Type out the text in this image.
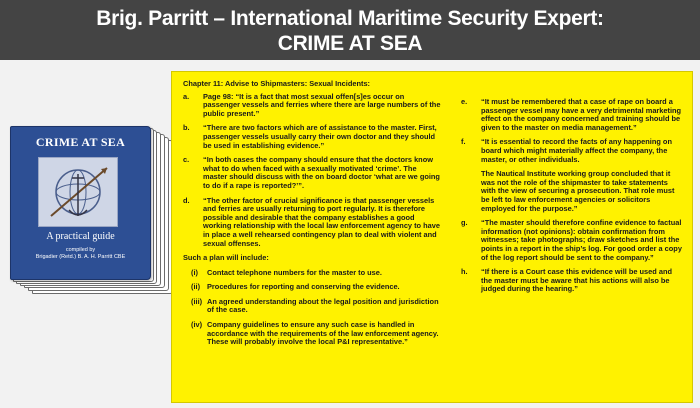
Brig. Parritt – International Maritime Security Expert:
CRIME AT SEA
CRIME AT SEA
A practical guide
compiled by
Brigadier (Retd.) B. A. H. Parritt CBE
Chapter 11: Advise to Shipmasters: Sexual Incidents:
a. Page 98: “It is a fact that most sexual offen[s]es occur on passenger vessels and ferries where there are large numbers of the public present.”
b. “There are two factors which are of assistance to the master. First, passenger vessels usually carry their own doctor and they should be used in establishing evidence.”
c. “In both cases the company should ensure that the doctors know what to do when faced with a sexually motivated ‘crime’. The master should discuss with the on board doctor ‘what are we going to do if a rape is reported?’”.
d. “The other factor of crucial significance is that passenger vessels and ferries are usually returning to port regularly. It is therefore possible and desirable that the company establishes a good working relationship with the local law enforcement agency to have in place a well rehearsed contingency plan to deal with violent and sexual offenses.
Such a plan will include:
(i) Contact telephone numbers for the master to use.
(ii) Procedures for reporting and conserving the evidence.
(iii) An agreed understanding about the legal position and jurisdiction of the case.
(iv) Company guidelines to ensure any such case is handled in accordance with the requirements of the law enforcement agency. These will probably involve the local P&I representative.”
e. “It must be remembered that a case of rape on board a passenger vessel may have a very detrimental marketing effect on the company concerned and training should be given to the master on media management.”
f. “It is essential to record the facts of any happening on board which might materially affect the company, the master, or other individuals.
The Nautical Institute working group concluded that it was not the role of the shipmaster to take statements with the view of securing a prosecution. That role must be left to law enforcement agencies or solicitors employed for the purpose.”
g. “The master should therefore confine evidence to factual information (not opinions): obtain confirmation from witnesses; take photographs; draw sketches and list the points in a report in the ship’s log. For good order a copy of the log report should be sent to the company.”
h. “If there is a Court case this evidence will be used and the master must be aware that his actions will also be judged during the hearing.”
